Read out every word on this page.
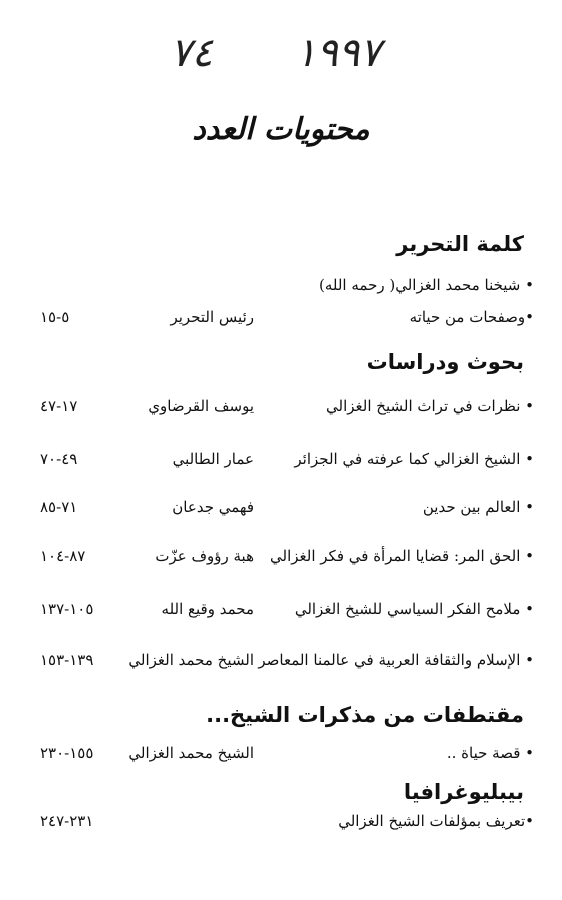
٧٤ ١٩٩٧
محتويات العدد
كلمة التحرير
• شيخنا محمد الغزالي( رحمه الله)
•وصفحات من حياته
رئيس التحرير
٥-١٥
بحوث ودراسات
• نظرات في تراث الشيخ الغزالي
يوسف القرضاوي
١٧-٤٧
• الشيخ الغزالي كما عرفته في الجزائر
عمار الطالبي
٤٩-٧٠
• العالم بين حدين
فهمي جدعان
٧١-٨٥
• الحق المر: قضايا المرأة في فكر الغزالي
هبة رؤوف عزّت
٨٧-١٠٤
• ملامح الفكر السياسي للشيخ الغزالي
محمد وقيع الله
١٠٥-١٣٧
• الإسلام والثقافة العربية في عالمنا المعاصر
الشيخ محمد الغزالي
١٣٩-١٥٣
مقتطفات من مذكرات الشيخ...
• قصة حياة ..
الشيخ محمد الغزالي
١٥٥-٢٣٠
بيبليوغرافيا
•تعريف بمؤلفات الشيخ الغزالي
٢٣١-٢٤٧
